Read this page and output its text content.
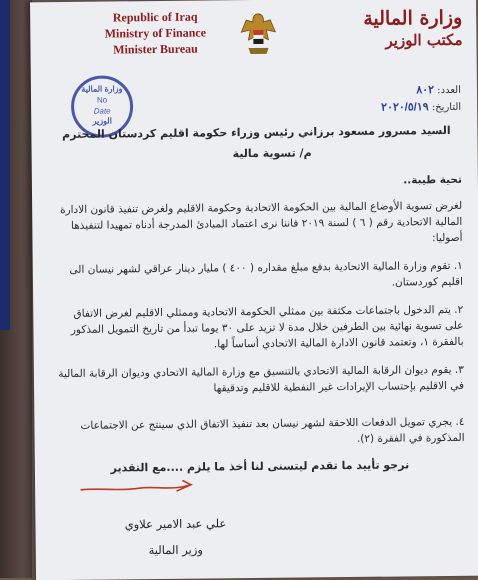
Republic of Iraq
Ministry of Finance
Minister Bureau
وزارة المالية
مكتب الوزير
وزارة المالية
No
Date
الوزير
العدد: ٨٠٢
التاريخ: ٢٠٢٠/٥/١٩
السيد مسرور مسعود برزاني رئيس وزراء حكومة اقليم كردستان المحترم
م/ تسوية مالية
تحية طيبة..
لغرض تسوية الأوضاع المالية بين الحكومة الاتحادية وحكومة الاقليم ولغرض تنفيذ قانون الادارة المالية الاتحادية رقم ( ٦ ) لسنة ٢٠١٩ فاننا نرى اعتماد المبادئ المدرجة أدناه تمهيدا لتنفيذها أصوليا:
١. تقوم وزارة المالية الاتحادية بدفع مبلغ مقداره ( ٤٠٠ ) مليار دينار عراقي لشهر نيسان الى اقليم كوردستان.
٢. يتم الدخول باجتماعات مكثفة بين ممثلي الحكومة الاتحادية وممثلي الاقليم لغرض الاتفاق على تسوية نهائية بين الطرفين خلال مدة لا تزيد على ٣٠ يوما تبدأ من تاريخ التمويل المذكور بالفقرة ١، وتعتمد قانون الادارة المالية الاتحادي أساساً لها.
٣. يقوم ديوان الرقابة المالية الاتحادي بالتنسيق مع وزارة المالية الاتحادي وديوان الرقابة المالية في الاقليم بإحتساب الإيرادات غير النفطية للاقليم وتدقيقها
٤. يجري تمويل الدفعات اللاحقة لشهر نيسان بعد تنفيذ الاتفاق الذي سينتج عن الاجتماعات المذكورة في الفقرة (٢).
نرجو تأييد ما تقدم ليتسنى لنا أخذ ما يلزم ....مع التقدير
علي عبد الامير علاوي
وزير المالية
